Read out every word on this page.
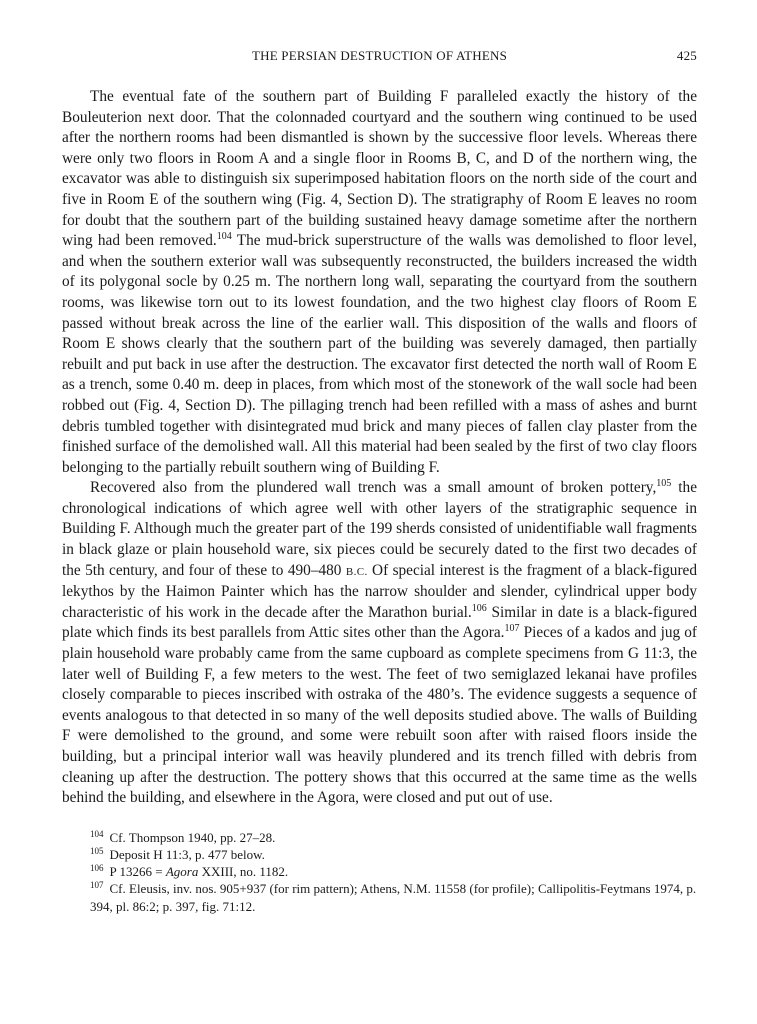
THE PERSIAN DESTRUCTION OF ATHENS	425

The eventual fate of the southern part of Building F paralleled exactly the history of the Bouleuterion next door. That the colonnaded courtyard and the southern wing continued to be used after the northern rooms had been dismantled is shown by the successive floor levels. Whereas there were only two floors in Room A and a single floor in Rooms B, C, and D of the northern wing, the excavator was able to distinguish six superimposed habitation floors on the north side of the court and five in Room E of the southern wing (Fig. 4, Section D). The stratigraphy of Room E leaves no room for doubt that the southern part of the building sustained heavy damage sometime after the northern wing had been removed.$^{104}$ The mud-brick superstructure of the walls was demolished to floor level, and when the southern exterior wall was subsequently reconstructed, the builders increased the width of its polygonal socle by 0.25 m. The northern long wall, separating the courtyard from the southern rooms, was likewise torn out to its lowest foundation, and the two highest clay floors of Room E passed without break across the line of the earlier wall. This disposition of the walls and floors of Room E shows clearly that the southern part of the building was severely damaged, then partially rebuilt and put back in use after the destruction. The excavator first detected the north wall of Room E as a trench, some 0.40 m. deep in places, from which most of the stonework of the wall socle had been robbed out (Fig. 4, Section D). The pillaging trench had been refilled with a mass of ashes and burnt debris tumbled together with disintegrated mud brick and many pieces of fallen clay plaster from the finished surface of the demolished wall. All this material had been sealed by the first of two clay floors belonging to the partially rebuilt southern wing of Building F.

Recovered also from the plundered wall trench was a small amount of broken pottery,$^{105}$ the chronological indications of which agree well with other layers of the stratigraphic sequence in Building F. Although much the greater part of the 199 sherds consisted of unidentifiable wall fragments in black glaze or plain household ware, six pieces could be securely dated to the first two decades of the 5th century, and four of these to 490–480 B.C. Of special interest is the fragment of a black-figured lekythos by the Haimon Painter which has the narrow shoulder and slender, cylindrical upper body characteristic of his work in the decade after the Marathon burial.$^{106}$ Similar in date is a black-figured plate which finds its best parallels from Attic sites other than the Agora.$^{107}$ Pieces of a kados and jug of plain household ware probably came from the same cupboard as complete specimens from G 11:3, the later well of Building F, a few meters to the west. The feet of two semiglazed lekanai have profiles closely comparable to pieces inscribed with ostraka of the 480’s. The evidence suggests a sequence of events analogous to that detected in so many of the well deposits studied above. The walls of Building F were demolished to the ground, and some were rebuilt soon after with raised floors inside the building, but a principal interior wall was heavily plundered and its trench filled with debris from cleaning up after the destruction. The pottery shows that this occurred at the same time as the wells behind the building, and elsewhere in the Agora, were closed and put out of use.

$^{104}$ Cf. Thompson 1940, pp. 27–28.
$^{105}$ Deposit H 11:3, p. 477 below.
$^{106}$ P 13266 = Agora XXIII, no. 1182.
$^{107}$ Cf. Eleusis, inv. nos. 905+937 (for rim pattern); Athens, N.M. 11558 (for profile); Callipolitis-Feytmans 1974, p. 394, pl. 86:2; p. 397, fig. 71:12.
